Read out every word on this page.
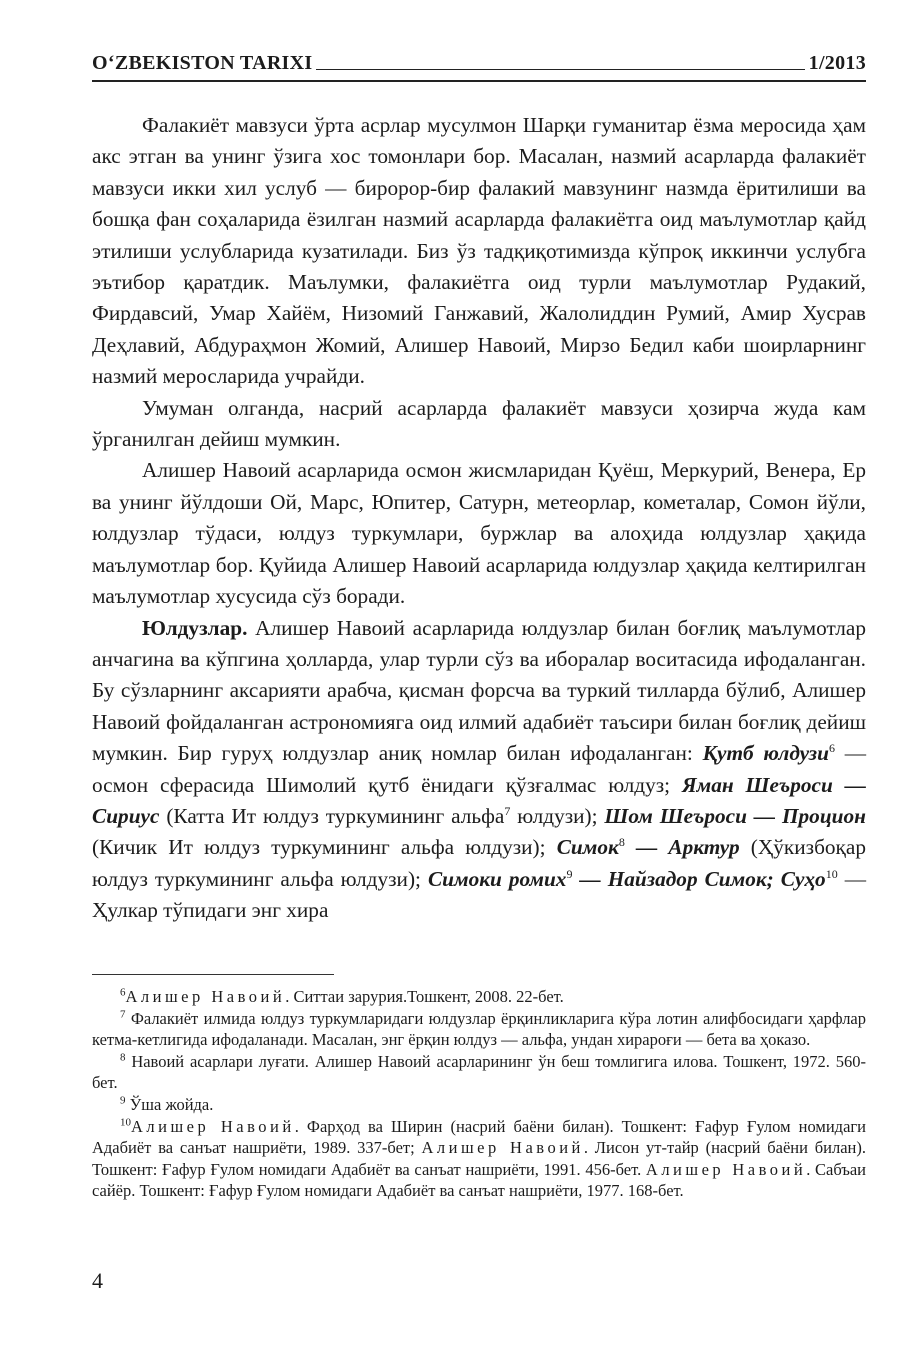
O‘ZBEKISTON TARIXI	1/2013

Фалакиёт мавзуси ўрта асрлар мусулмон Шарқи гуманитар ёзма меросида ҳам акс этган ва унинг ўзига хос томонлари бор. Масалан, назмий асарларда фалакиёт мавзуси икки хил услуб — биророр-бир фалакий мавзунинг назмда ёритилиши ва бошқа фан соҳаларида ёзилган назмий асарларда фалакиётга оид маълумотлар қайд этилиши услубларида кузатилади. Биз ўз тадқиқотимизда кўпроқ иккинчи услубга эътибор қаратдик. Маълумки, фалакиётга оид турли маълумотлар Рудакий, Фирдавсий, Умар Хайём, Низомий Ганжавий, Жалолиддин Румий, Амир Хусрав Деҳлавий, Абдураҳмон Жомий, Алишер Навоий, Мирзо Бедил каби шоирларнинг назмий меросларида учрайди.

Умуман олганда, насрий асарларда фалакиёт мавзуси ҳозирча жуда кам ўрганилган дейиш мумкин.

Алишер Навоий асарларида осмон жисмларидан Қуёш, Меркурий, Венера, Ер ва унинг йўлдоши Ой, Марс, Юпитер, Сатурн, метеорлар, кометалар, Сомон йўли, юлдузлар тўдаси, юлдуз туркумлари, буржлар ва алоҳида юлдузлар ҳақида маълумотлар бор. Қуйида Алишер Навоий асарларида юлдузлар ҳақида келтирилган маълумотлар хусусида сўз боради.

Юлдузлар. Алишер Навоий асарларида юлдузлар билан боғлиқ маълумотлар анчагина ва кўпгина ҳолларда, улар турли сўз ва иборалар воситасида ифодаланган. Бу сўзларнинг аксарияти арабча, қисман форсча ва туркий тилларда бўлиб, Алишер Навоий фойдаланган астрономияга оид илмий адабиёт таъсири билан боғлиқ дейиш мумкин. Бир гуруҳ юлдузлар аниқ номлар билан ифодаланган: Қутб юлдузи$^6$ — осмон сферасида Шимолий қутб ёнидаги қўзғалмас юлдуз; Яман Шеъроси — Сириус (Катта Ит юлдуз туркумининг альфа$^7$ юлдузи); Шом Шеъроси — Процион (Кичик Ит юлдуз туркумининг альфа юлдузи); Симок$^8$ — Арктур (Ҳўкизбоқар юлдуз туркумининг альфа юлдузи); Симоки ромих$^9$ — Найзадор Симок; Суҳо$^{10}$ —Ҳулкар тўпидаги энг хира

$^6$Алишер Навоий. Ситтаи зарурия.Тошкент, 2008. 22-бет.

$^7$ Фалакиёт илмида юлдуз туркумларидаги юлдузлар ёрқинликларига кўра лотин алифбосидаги ҳарфлар кетма-кетлигида ифодаланади. Масалан, энг ёрқин юлдуз — альфа, ундан хирароғи — бета ва ҳоказо.

$^8$ Навоий асарлари луғати. Алишер Навоий асарларининг ўн беш томлигига илова. Тошкент, 1972. 560-бет.

$^9$ Ўша жойда.

$^{10}$Алишер Навоий. Фарҳод ва Ширин (насрий баёни билан). Тошкент: Ғафур Ғулом номидаги Адабиёт ва санъат нашриёти, 1989. 337-бет; Алишер Навоий. Лисон ут-тайр (насрий баёни билан). Тошкент: Ғафур Ғулом номидаги Адабиёт ва санъат нашриёти, 1991. 456-бет. Алишер Навоий. Сабъаи сайёр. Тошкент: Ғафур Ғулом номидаги Адабиёт ва санъат нашриёти, 1977. 168-бет.

4
